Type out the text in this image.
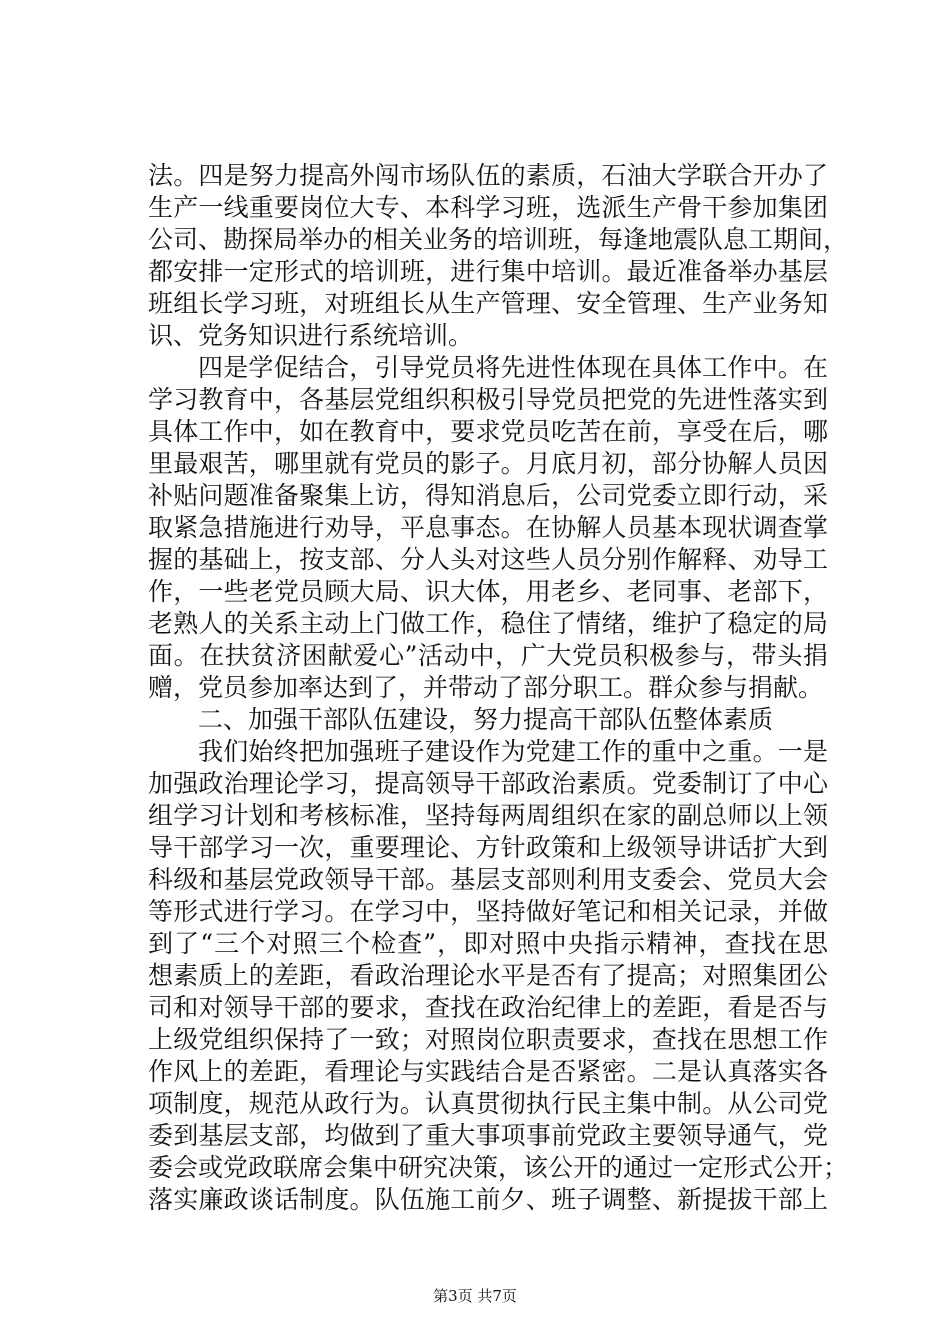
法。四是努力提高外闯市场队伍的素质，石油大学联合开办了
生产一线重要岗位大专、本科学习班，选派生产骨干参加集团
公司、勘探局举办的相关业务的培训班，每逢地震队息工期间，
都安排一定形式的培训班，进行集中培训。最近准备举办基层
班组长学习班，对班组长从生产管理、安全管理、生产业务知
识、党务知识进行系统培训。
四是学促结合，引导党员将先进性体现在具体工作中。在
学习教育中，各基层党组织积极引导党员把党的先进性落实到
具体工作中，如在教育中，要求党员吃苦在前，享受在后，哪
里最艰苦，哪里就有党员的影子。月底月初，部分协解人员因
补贴问题准备聚集上访，得知消息后，公司党委立即行动，采
取紧急措施进行劝导，平息事态。在协解人员基本现状调查掌
握的基础上，按支部、分人头对这些人员分别作解释、劝导工
作，一些老党员顾大局、识大体，用老乡、老同事、老部下，
老熟人的关系主动上门做工作，稳住了情绪，维护了稳定的局
面。在扶贫济困献爱心”活动中，广大党员积极参与，带头捐
赠，党员参加率达到了，并带动了部分职工。群众参与捐献。
二、加强干部队伍建设，努力提高干部队伍整体素质
我们始终把加强班子建设作为党建工作的重中之重。一是
加强政治理论学习，提高领导干部政治素质。党委制订了中心
组学习计划和考核标准，坚持每两周组织在家的副总师以上领
导干部学习一次，重要理论、方针政策和上级领导讲话扩大到
科级和基层党政领导干部。基层支部则利用支委会、党员大会
等形式进行学习。在学习中，坚持做好笔记和相关记录，并做
到了“三个对照三个检查”，即对照中央指示精神，查找在思
想素质上的差距，看政治理论水平是否有了提高；对照集团公
司和对领导干部的要求，查找在政治纪律上的差距，看是否与
上级党组织保持了一致；对照岗位职责要求，查找在思想工作
作风上的差距，看理论与实践结合是否紧密。二是认真落实各
项制度，规范从政行为。认真贯彻执行民主集中制。从公司党
委到基层支部，均做到了重大事项事前党政主要领导通气，党
委会或党政联席会集中研究决策，该公开的通过一定形式公开；
落实廉政谈话制度。队伍施工前夕、班子调整、新提拔干部上
第3页 共7页
